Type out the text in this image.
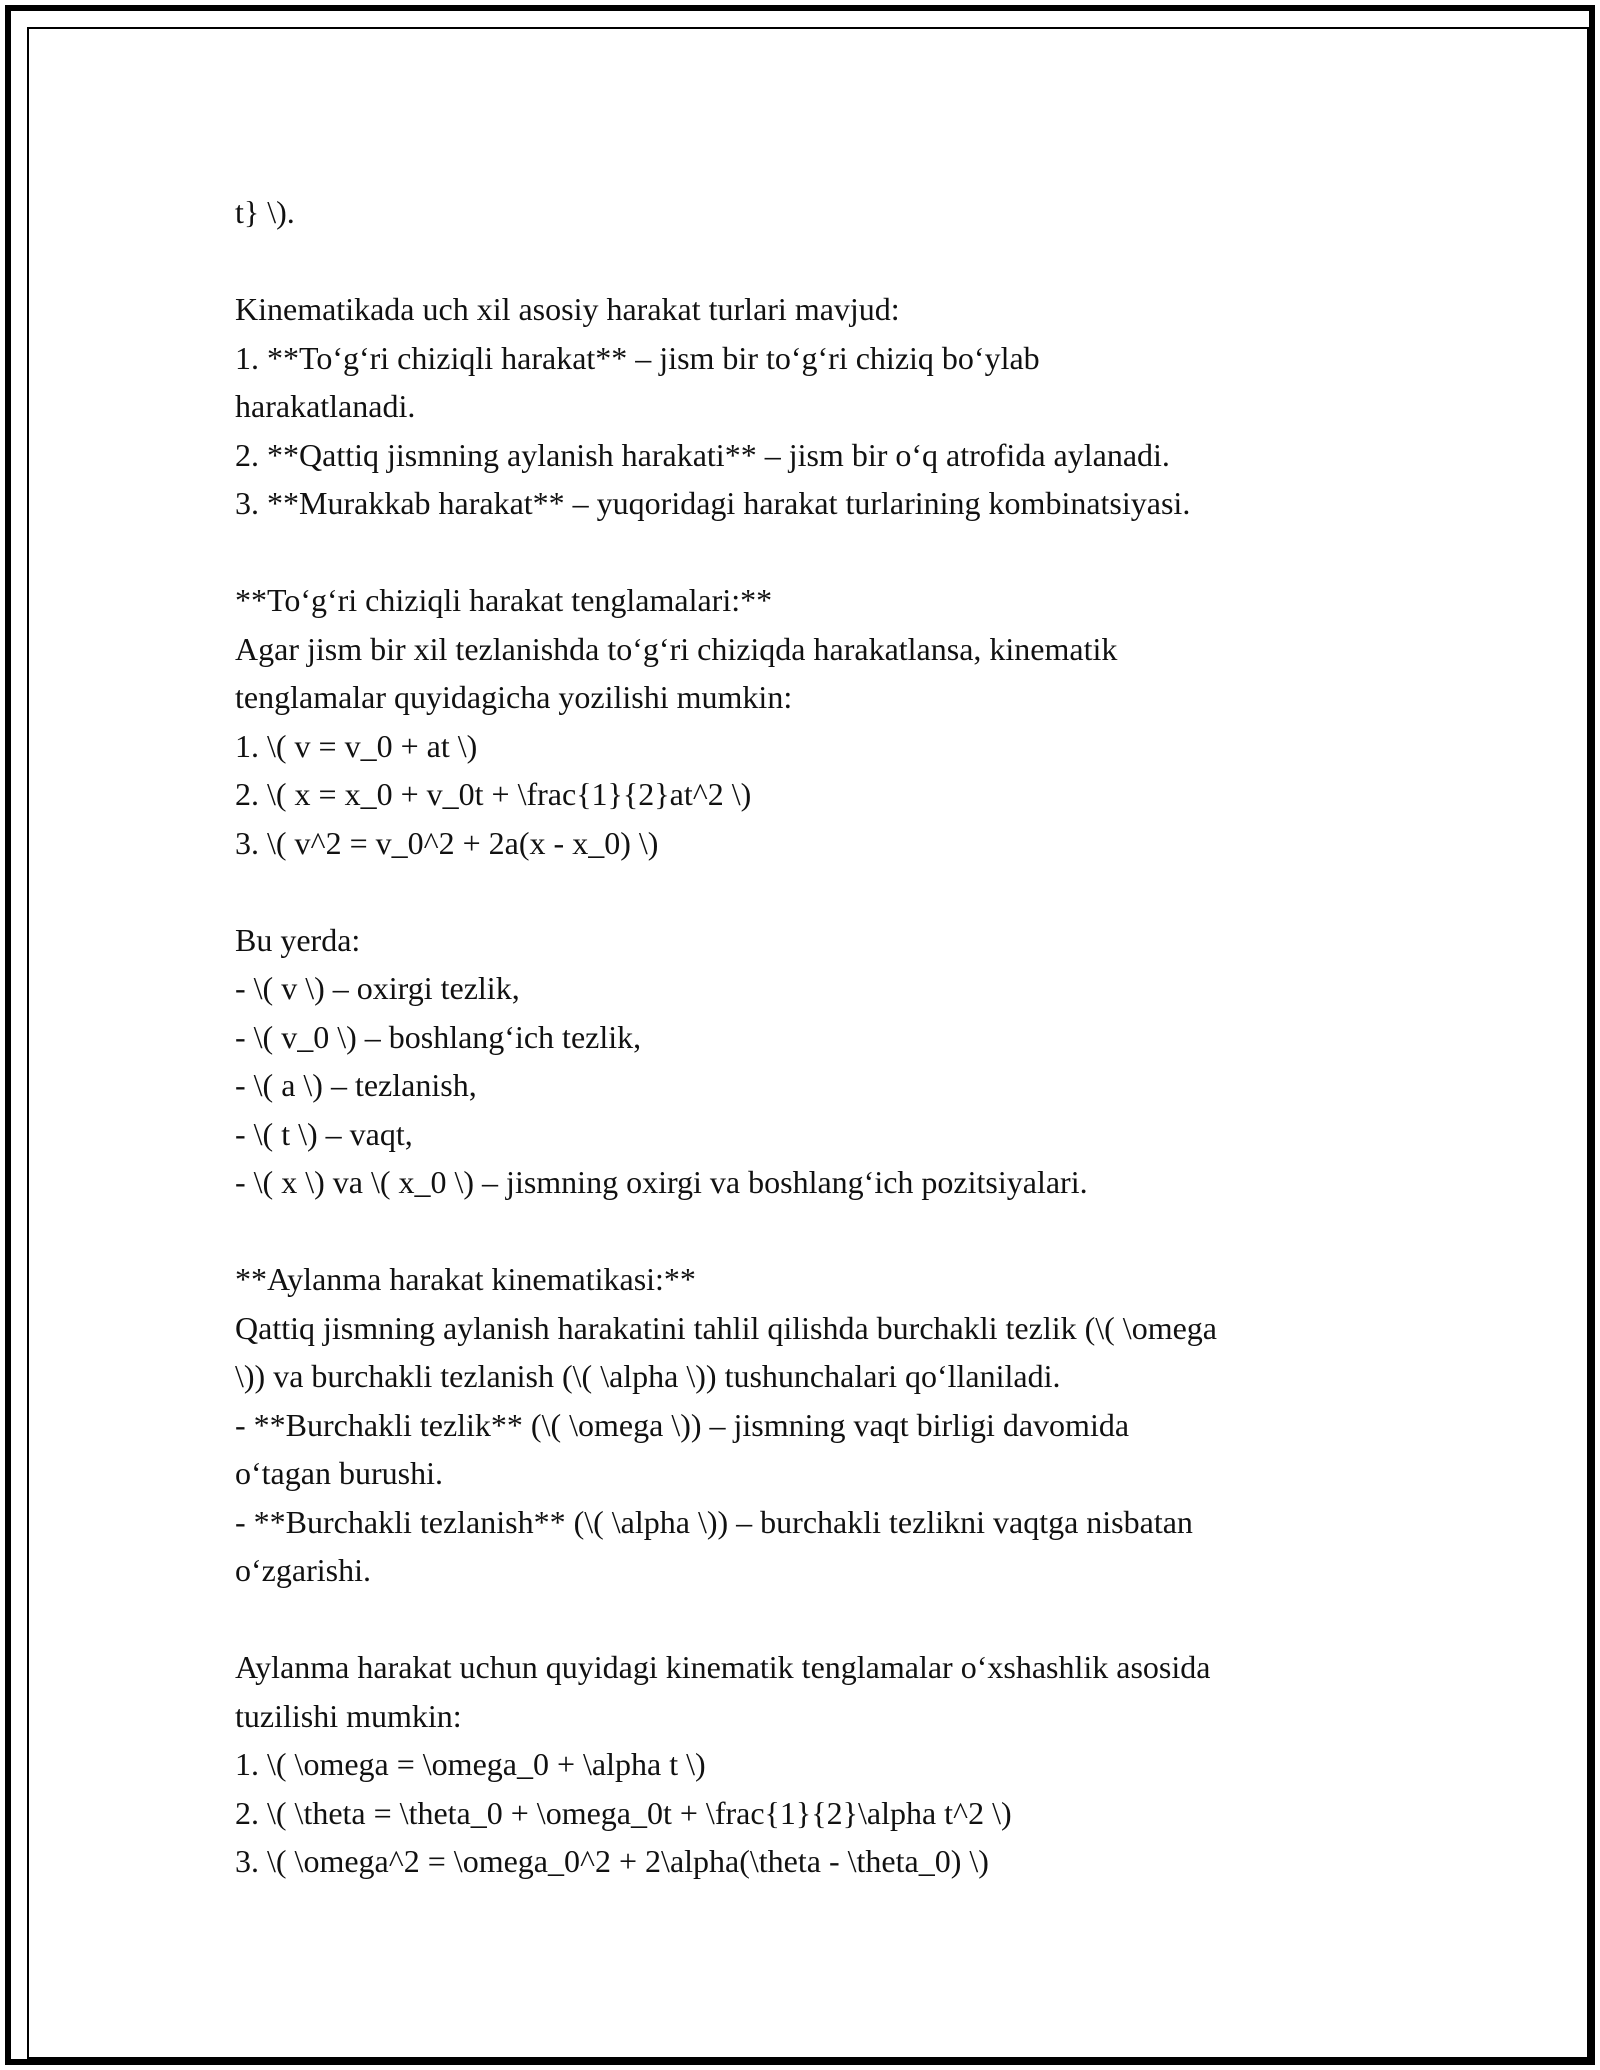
t} \).

Kinematikada uch xil asosiy harakat turlari mavjud:

1. **To‘g‘ri chiziqli harakat** – jism bir to‘g‘ri chiziq bo‘ylab

harakatlanadi.

2. **Qattiq jismning aylanish harakati** – jism bir o‘q atrofida aylanadi.

3. **Murakkab harakat** – yuqoridagi harakat turlarining kombinatsiyasi.

**To‘g‘ri chiziqli harakat tenglamalari:**

Agar jism bir xil tezlanishda to‘g‘ri chiziqda harakatlansa, kinematik

tenglamalar quyidagicha yozilishi mumkin:

1. \( v = v_0 + at \)

2. \( x = x_0 + v_0t + \frac{1}{2}at^2 \)

3. \( v^2 = v_0^2 + 2a(x - x_0) \)

Bu yerda:

- \( v \) – oxirgi tezlik,

- \( v_0 \) – boshlang‘ich tezlik,

- \( a \) – tezlanish,

- \( t \) – vaqt,

- \( x \) va \( x_0 \) – jismning oxirgi va boshlang‘ich pozitsiyalari.

**Aylanma harakat kinematikasi:**

Qattiq jismning aylanish harakatini tahlil qilishda burchakli tezlik (\( \omega

\)) va burchakli tezlanish (\( \alpha \)) tushunchalari qo‘llaniladi.

- **Burchakli tezlik** (\( \omega \)) – jismning vaqt birligi davomida

o‘tagan burushi.

- **Burchakli tezlanish** (\( \alpha \)) – burchakli tezlikni vaqtga nisbatan

o‘zgarishi.

Aylanma harakat uchun quyidagi kinematik tenglamalar o‘xshashlik asosida

tuzilishi mumkin:

1. \( \omega = \omega_0 + \alpha t \)

2. \( \theta = \theta_0 + \omega_0t + \frac{1}{2}\alpha t^2 \)

3. \( \omega^2 = \omega_0^2 + 2\alpha(\theta - \theta_0) \)
